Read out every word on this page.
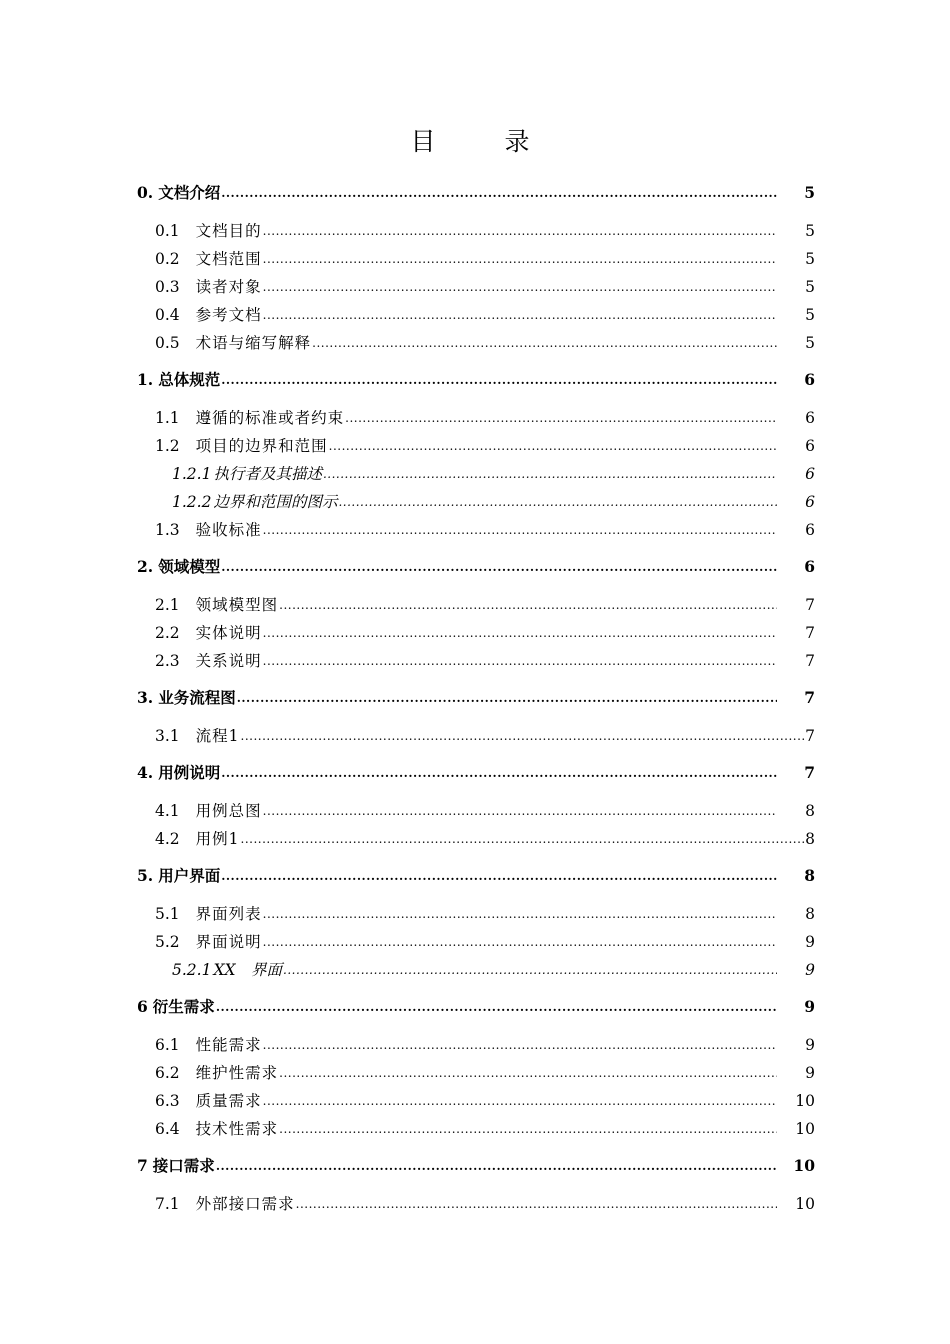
目　录
0. 文档介绍 .....	5
0.1 文档目的 .....	5
0.2 文档范围 .....	5
0.3 读者对象 .....	5
0.4 参考文档 .....	5
0.5 术语与缩写解释 .....	5
1. 总体规范 .....	6
1.1 遵循的标准或者约束 .....	6
1.2 项目的边界和范围 .....	6
1.2.1 执行者及其描述 .....	6
1.2.2 边界和范围的图示 .....	6
1.3 验收标准 .....	6
2. 领域模型 .....	6
2.1 领域模型图 .....	7
2.2 实体说明 .....	7
2.3 关系说明 .....	7
3. 业务流程图 .....	7
3.1 流程1 .....	7
4. 用例说明 .....	7
4.1 用例总图 .....	8
4.2 用例1 .....	8
5. 用户界面 .....	8
5.1 界面列表 .....	8
5.2 界面说明 .....	9
5.2.1 XX　界面 .....	9
6 衍生需求 .....	9
6.1 性能需求 .....	9
6.2 维护性需求 .....	9
6.3 质量需求 .....	10
6.4 技术性需求 .....	10
7 接口需求 .....	10
7.1 外部接口需求 .....	10
